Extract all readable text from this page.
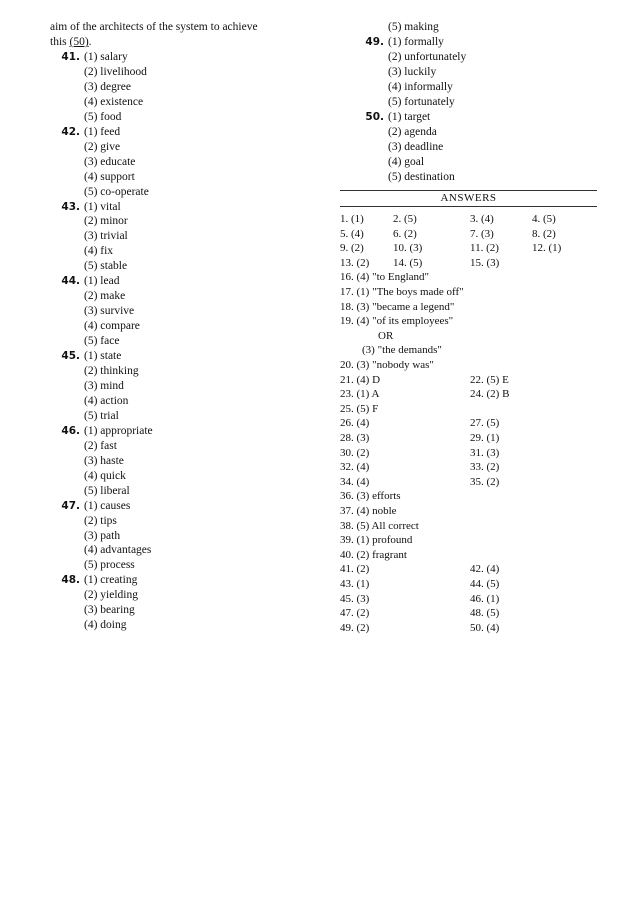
aim of the architects of the system to achieve
this (50).
41. (1) salary
(2) livelihood
(3) degree
(4) existence
(5) food
42. (1) feed
(2) give
(3) educate
(4) support
(5) co-operate
43. (1) vital
(2) minor
(3) trivial
(4) fix
(5) stable
44. (1) lead
(2) make
(3) survive
(4) compare
(5) face
45. (1) state
(2) thinking
(3) mind
(4) action
(5) trial
46. (1) appropriate
(2) fast
(3) haste
(4) quick
(5) liberal
47. (1) causes
(2) tips
(3) path
(4) advantages
(5) process
48. (1) creating
(2) yielding
(3) bearing
(4) doing
(5) making
49. (1) formally
(2) unfortunately
(3) luckily
(4) informally
(5) fortunately
50. (1) target
(2) agenda
(3) deadline
(4) goal
(5) destination
ANSWERS
1. (1)	2. (5)	3. (4)	4. (5)
5. (4)	6. (2)	7. (3)	8. (2)
9. (2)	10. (3)	11. (2)	12. (1)
13. (2) 14. (5)	15. (3)
16. (4) "to England"
17. (1) "The boys made off"
18. (3) "became a legend"
19. (4) "of its employees"
OR
(3) "the demands"
20. (3) "nobody was"
21. (4) D	22. (5) E
23. (1) A	24. (2) B
25. (5) F
26. (4)	27. (5)
28. (3)	29. (1)
30. (2)	31. (3)
32. (4)	33. (2)
34. (4)	35. (2)
36. (3) efforts
37. (4) noble
38. (5) All correct
39. (1) profound
40. (2) fragrant
41. (2)	42. (4)
43. (1)	44. (5)
45. (3)	46. (1)
47. (2)	48. (5)
49. (2)	50. (4)
